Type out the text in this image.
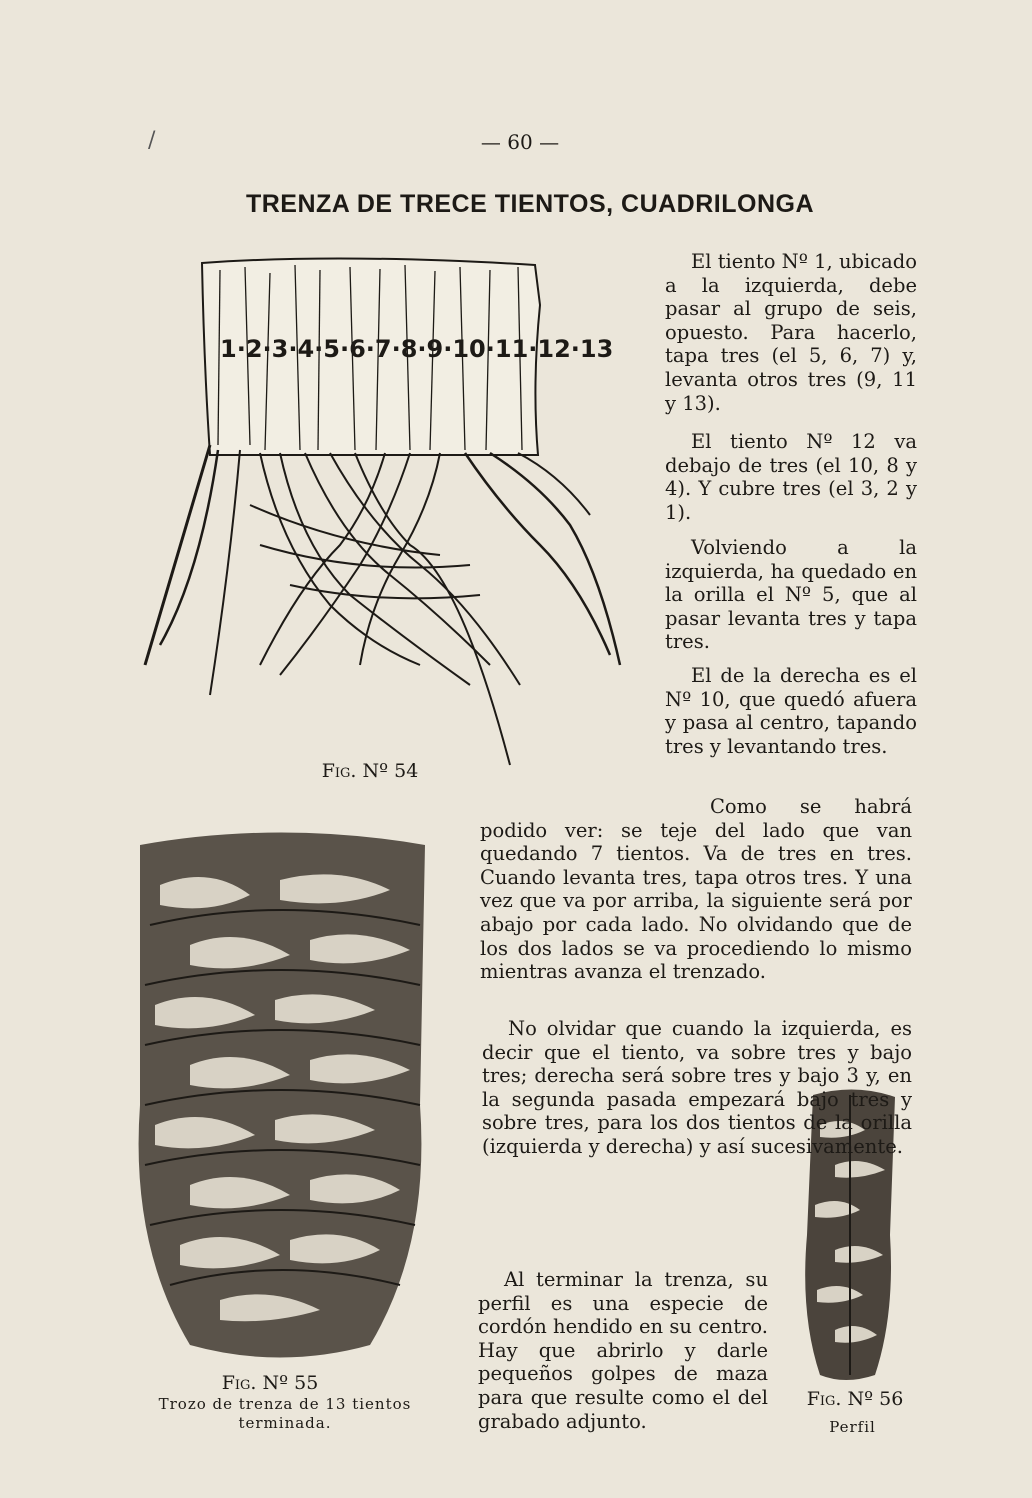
/	— 60 —
TRENZA DE TRECE TIENTOS, CUADRILONGA
1·2·3·4·5·6·7·8·9·10·11·12·13
Fig. Nº 54
Fig. Nº 55
Trozo de trenza de 13 tientos
terminada.
Fig. Nº 56
Perfil

El tiento Nº 1, ubicado a la izquierda, debe pasar al grupo de seis, opuesto. Para hacerlo, tapa tres (el 5, 6, 7) y, levanta otros tres (9, 11 y 13).

El tiento Nº 12 va debajo de tres (el 10, 8 y 4). Y cubre tres (el 3, 2 y 1).

Volviendo a la izquierda, ha quedado en la orilla el Nº 5, que al pasar levanta tres y tapa tres.

El de la derecha es el Nº 10, que quedó afuera y pasa al centro, tapando tres y levantando tres.

Como se habrá podido ver: se teje del lado que van quedando 7 tientos. Va de tres en tres. Cuando levanta tres, tapa otros tres. Y una vez que va por arriba, la siguiente será por abajo por cada lado. No olvidando que de los dos lados se va procediendo lo mismo mientras avanza el trenzado.

No olvidar que cuando la izquierda, es decir que el tiento, va sobre tres y bajo tres; derecha será sobre tres y bajo 3 y, en la segunda pasada empezará bajo tres y sobre tres, para los dos tientos de la orilla (izquierda y derecha) y así sucesivamente.

Al terminar la trenza, su perfil es una especie de cordón hendido en su centro. Hay que abrirlo y darle pequeños golpes de maza para que resulte como el del grabado adjunto.
